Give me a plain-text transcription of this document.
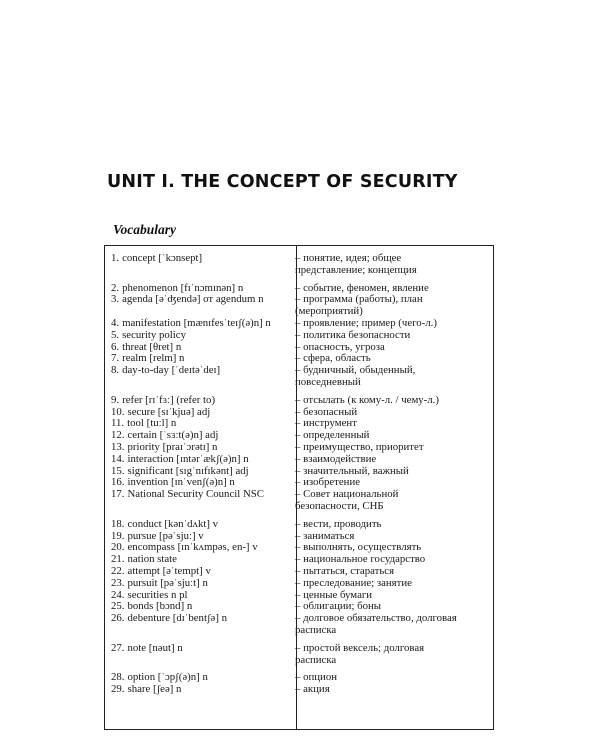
UNIT I. THE CONCEPT OF SECURITY
Vocabulary
1. concept [ˈkɔnsept]	– понятие, идея; общее
представление; концепция
2. phenomenon [fɪˈnɔmɪnən] n	– событие, феномен, явление
3. agenda [əˈʤendə] от agendum n	– программа (работы), план
(мероприятий)
4. manifestation [mænɪfesˈteɪʃ(ə)n] n – проявление; пример (чего-л.)
5. security policy	– политика безопасности
6. threat [θret] n	– опасность, угроза
7. realm [relm] n	– сфера, область
8. day-to-day [ˈdeɪtəˈdeɪ]	– будничный, обыденный,
повседневный
9. refer [rɪˈfɜː] (refer to)	– отсылать (к кому-л. / чему-л.)
10. secure [sɪˈkjuə] adj	– безопасный
11. tool [tuːl] n	– инструмент
12. certain [ˈsɜːt(ə)n] adj	– определенный
13. priority [praɪˈɔrətɪ] n	– преимущество, приоритет
14. interaction [ɪntərˈækʃ(ə)n] n	– взаимодействие
15. significant [sɪgˈnɪfɪkənt] adj	– значительный, важный
16. invention [ɪnˈvenʃ(ə)n] n	– изобретение
17. National Security Council NSC	– Совет национальной
безопасности, СНБ
18. conduct [kənˈdʌkt] v	– вести, проводить
19. pursue [pəˈsjuː] v	– заниматься
20. encompass [ɪnˈkʌmpəs, en-] v	– выполнять, осуществлять
21. nation state	– национальное государство
22. attempt [əˈtempt] v	– пытаться, стараться
23. pursuit [pəˈsjuːt] n	– преследование; занятие
24. securities n pl	– ценные бумаги
25. bonds [bɔnd] n	– облигации; боны
26. debenture [dɪˈbentʃə] n	– долговое обязательство, долговая
расписка
27. note [nəut] n	– простой вексель; долговая
расписка
28. option [ˈɔpʃ(ə)n] n	– опцион
29. share [ʃeə] n	– акция
